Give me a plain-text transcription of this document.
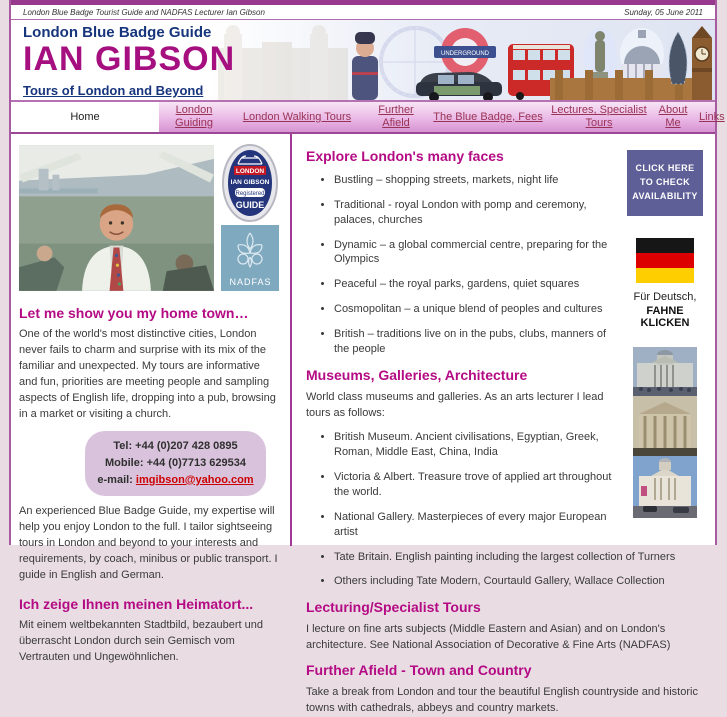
London Blue Badge Tourist Guide and NADFAS Lecturer Ian Gibson	Sunday, 05 June 2011
UNDERGROUND
London Blue Badge Guide
IAN GIBSON
Tours of London and Beyond
Home
London Guiding
London Walking Tours
Further Afield
The Blue Badge, Fees
Lectures, Specialist Tours
About Me
Links
LONDON
IAN GIBSON
Registered
GUIDE
NADFAS
Let me show you my home town…

One of the world's most distinctive cities, London never fails to charm and surprise with its mix of the familiar and unexpected. My tours are informative and fun, priorities are meeting people and sampling aspects of English life, dropping into a pub, browsing in a market or visiting a church.

Tel: +44 (0)207 428 0895
Mobile: +44 (0)7713 629534
e-mail: imgibson@yahoo.com

An experienced Blue Badge Guide, my expertise will help you enjoy London to the full. I tailor sightseeing tours in London and beyond to your interests and requirements, by coach, minibus or public transport. I guide in English and German.

Ich zeige Ihnen meinen Heimatort...

Mit einem weltbekannten Stadtbild, bezaubert und überrascht London durch sein Gemisch vom Vertrauten und Ungewöhnlichen.

CLICK HERE
TO CHECK
AVAILABILITY
Für Deutsch,
FAHNE KLICKEN
Explore London's many faces
• Bustling – shopping streets, markets, night life
• Traditional - royal London with pomp and ceremony, palaces, churches
• Dynamic – a global commercial centre, preparing for the Olympics
• Peaceful – the royal parks, gardens, quiet squares
• Cosmopolitan – a unique blend of peoples and cultures
• British – traditions live on in the pubs, clubs, manners of the people
Museums, Galleries, Architecture

World class museums and galleries. As an arts lecturer I lead tours as follows:

• British Museum. Ancient civilisations, Egyptian, Greek, Roman, Middle East, China, India
• Victoria & Albert. Treasure trove of applied art throughout the world.
• National Gallery. Masterpieces of every major European artist
• Tate Britain. English painting including the largest collection of Turners
• Others including Tate Modern, Courtauld Gallery, Wallace Collection
Lecturing/Specialist Tours

I lecture on fine arts subjects (Middle Eastern and Asian) and on London's architecture. See National Association of Decorative & Fine Arts (NADFAS)

Further Afield - Town and Country

Take a break from London and tour the beautiful English countryside and historic towns with cathedrals, abbeys and country markets.
